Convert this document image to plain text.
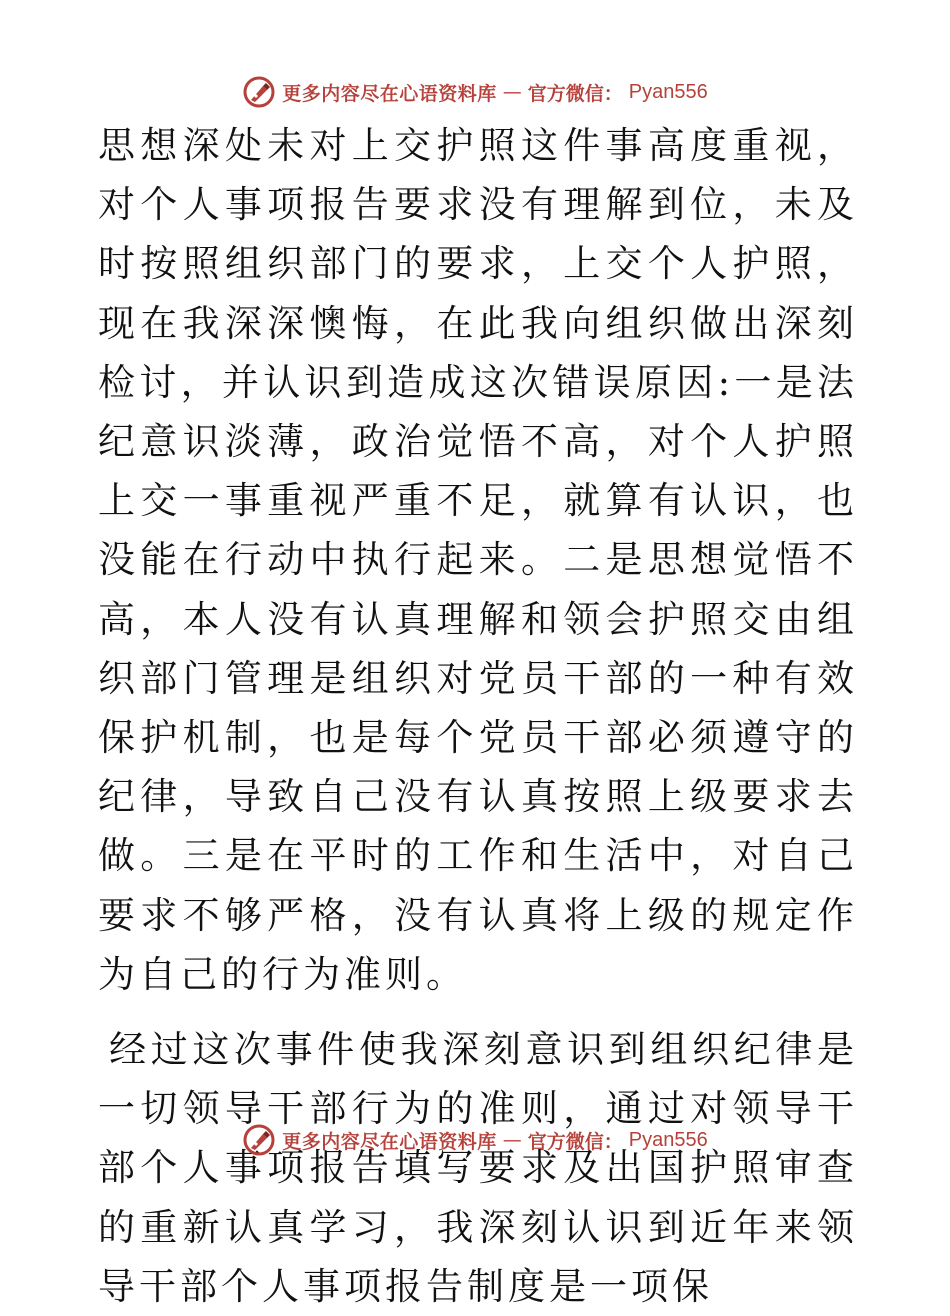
更多内容尽在心语资料库 — 官方微信： Pyan556

思想深处未对上交护照这件事高度重视，对个人事项报告要求没有理解到位，未及时按照组织部门的要求，上交个人护照，现在我深深懊悔，在此我向组织做出深刻检讨，并认识到造成这次错误原因:一是法纪意识淡薄，政治觉悟不高，对个人护照上交一事重视严重不足，就算有认识，也没能在行动中执行起来。二是思想觉悟不高，本人没有认真理解和领会护照交由组织部门管理是组织对党员干部的一种有效保护机制，也是每个党员干部必须遵守的纪律，导致自己没有认真按照上级要求去做。三是在平时的工作和生活中，对自己要求不够严格，没有认真将上级的规定作为自己的行为准则。

经过这次事件使我深刻意识到组织纪律是一切领导干部行为的准则，通过对领导干部个人事项报告填写要求及出国护照审查的重新认真学习，我深刻认识到近年来领导干部个人事项报告制度是一项保

更多内容尽在心语资料库 — 官方微信： Pyan556
